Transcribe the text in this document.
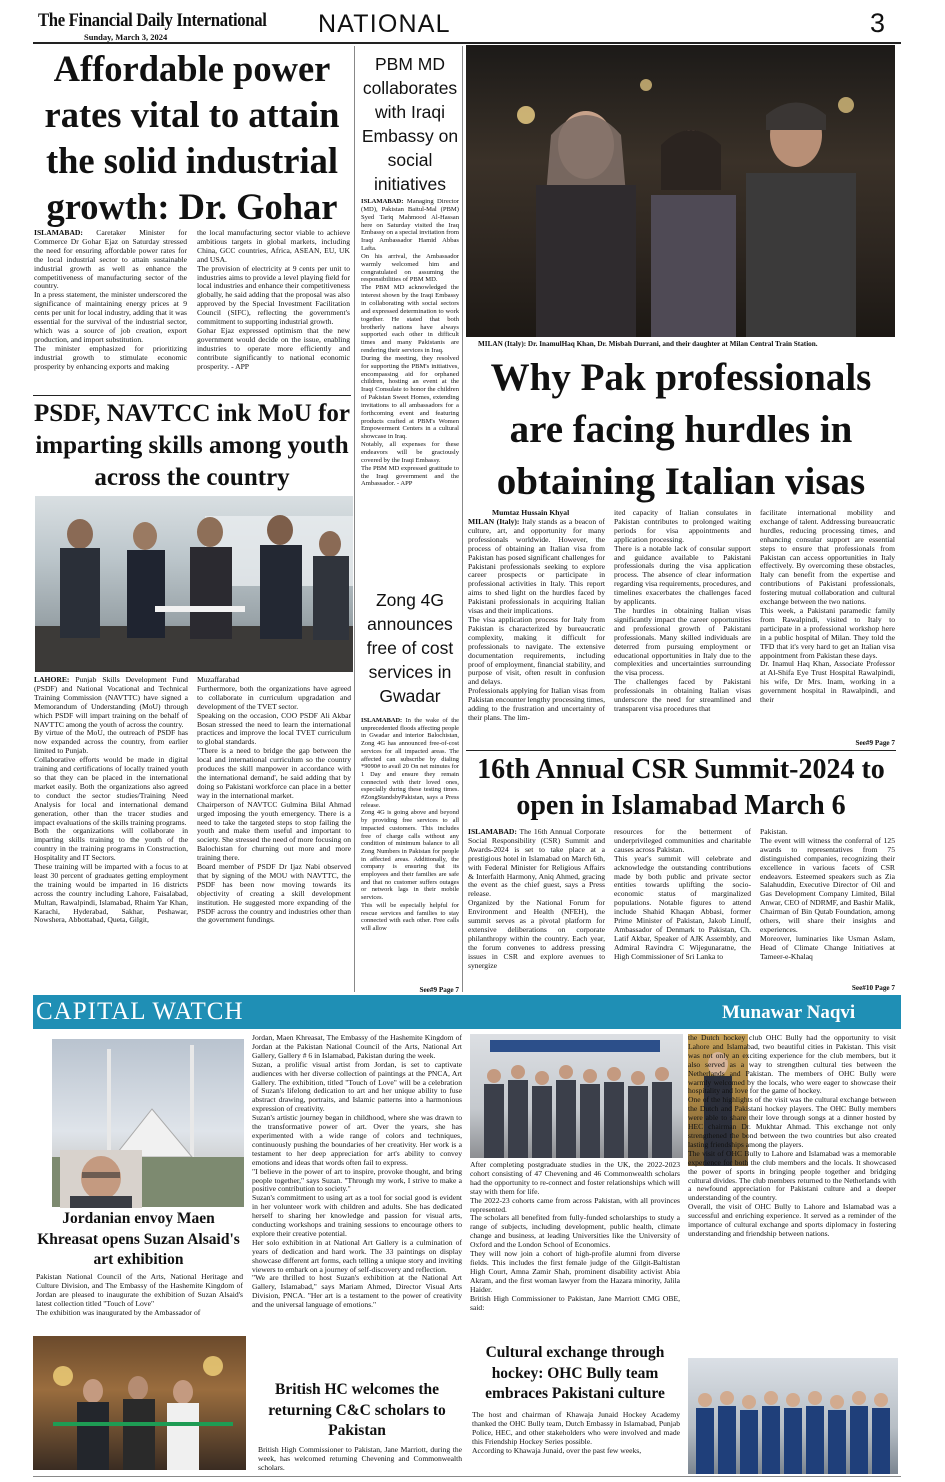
The Financial Daily International
Sunday, March 3, 2024	NATIONAL	3
Affordable power rates vital to attain the solid industrial growth: Dr. Gohar
ISLAMABAD: Caretaker Minister for Commerce Dr Gohar Ejaz on Saturday stressed the need for ensuring affordable power rates for the local industrial sector to attain sustainable industrial growth as well as enhance the competitiveness of manufacturing sector of the country.
In a press statement, the minister underscored the significance of maintaining energy prices at 9 cents per unit for local industry, adding that it was essential for the survival of the industrial sector, which was a source of job creation, export production, and import substitution.
The minister emphasized for prioritizing industrial growth to stimulate economic prosperity by enhancing exports and making
the local manufacturing sector viable to achieve ambitious targets in global markets, including China, GCC countries, Africa, ASEAN, EU, UK and USA.
The provision of electricity at 9 cents per unit to industries aims to provide a level playing field for local industries and enhance their competitiveness globally, he said adding that the proposal was also approved by the Special Investment Facilitation Council (SIFC), reflecting the government's commitment to supporting industrial growth.
Gohar Ejaz expressed optimism that the new government would decide on the issue, enabling industries to operate more efficiently and contribute significantly to national economic prosperity. - APP
PBM MD collaborates with Iraqi Embassy on social initiatives
ISLAMABAD: Managing Director (MD), Pakistan Baitul-Mal (PBM) Syed Tariq Mahmood Al-Hassan here on Saturday visited the Iraq Embassy on a special invitation from Iraqi Ambassador Hamid Abbas Lafta.
On his arrival, the Ambassador warmly welcomed him and congratulated on assuming the responsibilities of PBM MD.
The PBM MD acknowledged the interest shown by the Iraqi Embassy in collaborating with social sectors and expressed determination to work together. He stated that both brotherly nations have always supported each other in difficult times and many Pakistanis are rendering their services in Iraq.
During the meeting, they resolved for supporting the PBM's initiatives, encompassing aid for orphaned children, hosting an event at the Iraqi Consulate to honor the children of Pakistan Sweet Homes, extending invitations to all ambassadors for a forthcoming event and featuring products crafted at PBM's Women Empowerment Centers in a cultural showcase in Iraq.
Notably, all expenses for these endeavors will be graciously covered by the Iraqi Embassy.
The PBM MD expressed gratitude to the Iraqi government and the Ambassador. - APP
Zong 4G announces free of cost services in Gwadar
ISLAMABAD: In the wake of the unprecedented floods affecting people in Gwadar and interior Balochistan, Zong 4G has announced free-of-cost services for all impacted areas. The affected can subscribe by dialing *9090# to avail 20 On net minutes for 1 Day and ensure they remain connected with their loved ones, especially during these testing times. #ZongStandsbyPakistan, says a Press release.
Zong 4G is going above and beyond by providing free services to all impacted customers. This includes free of charge calls without any condition of minimum balance to all Zong Numbers in Pakistan for people in affected areas. Additionally, the company is ensuring that its employees and their families are safe and that no customer suffers outages or network lags in their mobile services.
This will be especially helpful for rescue services and families to stay connected with each other. Free calls will allow
See#9 Page 7
PSDF, NAVTCC ink MoU for imparting skills among youth across the country
LAHORE: Punjab Skills Development Fund (PSDF) and National Vocational and Technical Training Commission (NAVTTC) have signed a Memorandum of Understanding (MoU) through which PSDF will impart training on the behalf of NAVTTC among the youth of across the country.
By virtue of the MoU, the outreach of PSDF has now expanded across the country, from earlier limited to Punjab.
Collaborative efforts would be made in digital training and certifications of locally trained youth so that they can be placed in the international market easily. Both the organizations also agreed to conduct the sector studies/Training Need Analysis for local and international demand generation, other than the tracer studies and impact evaluations of the skills training programs.
Both the organizations will collaborate in imparting skills training to the youth of the country in the training programs in Construction, Hospitality and IT Sectors.
These training will be imparted with a focus to at least 30 percent of graduates getting employment the training would be imparted in 16 districts across the country including Lahore, Faisalabad, Multan, Rawalpindi, Islamabad, Rhaim Yar Khan, Karachi, Hyderabad, Sakhar, Peshawar, Nowshera, Abbottabad, Queta, Gilgit,
Muzaffarabad
Furthermore, both the organizations have agreed to collaborate in curriculum upgradation and development of the TVET sector.
Speaking on the occasion, COO PSDF Ali Akbar Bosan stressed the need to learn the international practices and improve the local TVET curriculum to global standards.
"There is a need to bridge the gap between the local and international curriculum so the country produces the skill manpower in accordance with the international demand', he said adding that by doing so Pakistani workforce can place in a better way in the international market.
Chairperson of NAVTCC Gulmina Bilal Ahmad urged imposing the youth emergency. There is a need to take the targeted steps to stop failing the youth and make them useful and important to society. She stressed the need of more focusing on Balochistan for churning out more and more training there.
Board member of PSDF Dr Ijaz Nabi observed that by signing of the MOU with NAVTTC, the PSDF has been now moving towards its objectivity of creating a skill development institution. He suggested more expanding of the PSDF across the country and industries other than the government fundings.
MILAN (Italy): Dr. InamulHaq Khan, Dr. Misbah Durrani, and their daughter at Milan Central Train Station.
Why Pak professionals are facing hurdles in obtaining Italian visas
Mumtaz Hussain Khyal
MILAN (Italy): Italy stands as a beacon of culture, art, and opportunity for many professionals worldwide. However, the process of obtaining an Italian visa from Pakistan has posed significant challenges for Pakistani professionals seeking to explore career prospects or participate in professional activities in Italy. This report aims to shed light on the hurdles faced by Pakistani professionals in acquiring Italian visas and their implications.
The visa application process for Italy from Pakistan is characterized by bureaucratic complexity, making it difficult for professionals to navigate. The extensive documentation requirements, including proof of employment, financial stability, and purpose of visit, often result in confusion and delays.
Professionals applying for Italian visas from Pakistan encounter lengthy processing times, adding to the frustration and uncertainty of their plans. The lim-
ited capacity of Italian consulates in Pakistan contributes to prolonged waiting periods for visa appointments and application processing.
There is a notable lack of consular support and guidance available to Pakistani professionals during the visa application process. The absence of clear information regarding visa requirements, procedures, and timelines exacerbates the challenges faced by applicants.
The hurdles in obtaining Italian visas significantly impact the career opportunities and professional growth of Pakistani professionals. Many skilled individuals are deterred from pursuing employment or educational opportunities in Italy due to the complexities and uncertainties surrounding the visa process.
The challenges faced by Pakistani professionals in obtaining Italian visas underscore the need for streamlined and transparent visa procedures that
facilitate international mobility and exchange of talent. Addressing bureaucratic hurdles, reducing processing times, and enhancing consular support are essential steps to ensure that professionals from Pakistan can access opportunities in Italy effectively. By overcoming these obstacles, Italy can benefit from the expertise and contributions of Pakistani professionals, fostering mutual collaboration and cultural exchange between the two nations.
This week, a Pakistani paramedic family from Rawalpindi, visited to Italy to participate in a professional workshop here in a public hospital of Milan. They told the TFD that it's very hard to get an Italian visa appointment from Pakistan these days.
Dr. Inamul Haq Khan, Associate Professor at Al-Shifa Eye Trust Hospital Rawalpindi, his wife, Dr Mrs. Inam, working in a government hospital in Rawalpindi, and their
See#9 Page 7
16th Annual CSR Summit-2024 to open in Islamabad March 6
ISLAMABAD: The 16th Annual Corporate Social Responsibility (CSR) Summit and Awards-2024 is set to take place at a prestigious hotel in Islamabad on March 6th, with Federal Minister for Religious Affairs & Interfaith Harmony, Aniq Ahmed, gracing the event as the chief guest, says a Press release.
Organized by the National Forum for Environment and Health (NFEH), the summit serves as a pivotal platform for extensive deliberations on corporate philanthropy within the country. Each year, the forum convenes to address pressing issues in CSR and explore avenues to synergize
resources for the betterment of underprivileged communities and charitable causes across Pakistan.
This year's summit will celebrate and acknowledge the outstanding contributions made by both public and private sector entities towards uplifting the socio-economic status of marginalized populations. Notable figures to attend include Shahid Khaqan Abbasi, former Prime Minister of Pakistan, Jakob Linulf, Ambassador of Denmark to Pakistan, Ch. Latif Akbar, Speaker of AJK Assembly, and Admiral Ravindra C Wijegunaratne, the High Commissioner of Sri Lanka to
Pakistan.
The event will witness the conferral of 125 awards to representatives from 75 distinguished companies, recognizing their excellence in various facets of CSR endeavors. Esteemed speakers such as Zia Salahuddin, Executive Director of Oil and Gas Development Company Limited, Bilal Anwar, CEO of NDRMF, and Bashir Malik, Chairman of Bin Qutab Foundation, among others, will share their insights and experiences.
Moreover, luminaries like Usman Aslam, Head of Climate Change Initiatives at Tameer-e-Khalaq
See#10 Page 7
CAPITAL WATCH	Munawar Naqvi
Jordanian envoy Maen Khreasat opens Suzan Alsaid's art exhibition
Pakistan National Council of the Arts, National Heritage and Culture Division, and The Embassy of the Hashemite Kingdom of Jordan are pleased to inaugurate the exhibition of Suzan Alsaid's latest collection titled "Touch of Love"
The exhibition was inaugurated by the Ambassador of
Jordan, Maen Khreasat, The Embassy of the Hashemite Kingdom of Jordan at the Pakistan National Council of the Arts, National Art Gallery, Gallery # 6 in Islamabad, Pakistan during the week.
Suzan, a prolific visual artist from Jordan, is set to captivate audiences with her diverse collection of paintings at the PNCA, Art Gallery. The exhibition, titled "Touch of Love" will be a celebration of Suzan's lifelong dedication to art and her unique ability to fuse abstract drawing, portraits, and Islamic patterns into a harmonious expression of creativity.
Suzan's artistic journey began in childhood, where she was drawn to the transformative power of art. Over the years, she has experimented with a wide range of colors and techniques, continuously pushing the boundaries of her creativity. Her work is a testament to her deep appreciation for art's ability to convey emotions and ideas that words often fail to express.
"I believe in the power of art to inspire, provoke thought, and bring people together," says Suzan. "Through my work, I strive to make a positive contribution to society."
Suzan's commitment to using art as a tool for social good is evident in her volunteer work with children and adults. She has dedicated herself to sharing her knowledge and passion for visual arts, conducting workshops and training sessions to encourage others to explore their creative potential.
Her solo exhibition in at National Art Gallery is a culmination of years of dedication and hard work. The 33 paintings on display showcase different art forms, each telling a unique story and inviting viewers to embark on a journey of self-discovery and reflection.
"We are thrilled to host Suzan's exhibition at the National Art Gallery, Islamabad," says Mariam Ahmed, Director Visual Arts Division, PNCA. "Her art is a testament to the power of creativity and the universal language of emotions."
British HC welcomes the returning C&C scholars to Pakistan
British High Commissioner to Pakistan, Jane Marriott, during the week, has welcomed returning Chevening and Commonwealth scholars.
After completing postgraduate studies in the UK, the 2022-2023 cohort consisting of 47 Chevening and 46 Commonwealth scholars had the opportunity to re-connect and foster relationships which will stay with them for life.
The 2022-23 cohorts came from across Pakistan, with all provinces represented.
The scholars all benefited from fully-funded scholarships to study a range of subjects, including development, public health, climate change and business, at leading Universities like the University of Oxford and the London School of Economics.
They will now join a cohort of high-profile alumni from diverse fields. This includes the first female judge of the Gilgit-Baltistan High Court, Amna Zamir Shah, prominent disability activist Abia Akram, and the first woman lawyer from the Hazara minority, Jalila Haider.
British High Commissioner to Pakistan, Jane Marriott CMG OBE, said:
Cultural exchange through hockey: OHC Bully team embraces Pakistani culture
The host and chairman of Khawaja Junaid Hockey Academy thanked the OHC Bully team, Dutch Embassy in Islamabad, Punjab Police, HEC, and other stakeholders who were involved and made this Friendship Hockey Series possible.
According to Khawaja Junaid, over the past few weeks,
the Dutch hockey club OHC Bully had the opportunity to visit Lahore and Islamabad, two beautiful cities in Pakistan. This visit was not only an exciting experience for the club members, but it also served as a way to strengthen cultural ties between the Netherlands and Pakistan. The members of OHC Bully were warmly welcomed by the locals, who were eager to showcase their hospitality and love for the game of hockey.
One of the highlights of the visit was the cultural exchange between the Dutch and Pakistani hockey players. The OHC Bully members were able to share their love through songs at a dinner hosted by HEC chairman Dr. Mukhtar Ahmad. This exchange not only strengthened the bond between the two countries but also created lasting friendships among the players.
The visit of OHC Bully to Lahore and Islamabad was a memorable experience for both the club members and the locals. It showcased the power of sports in bringing people together and bridging cultural divides. The club members returned to the Netherlands with a newfound appreciation for Pakistani culture and a deeper understanding of the country.
Overall, the visit of OHC Bully to Lahore and Islamabad was a successful and enriching experience. It served as a reminder of the importance of cultural exchange and sports diplomacy in fostering understanding and friendship between nations.
